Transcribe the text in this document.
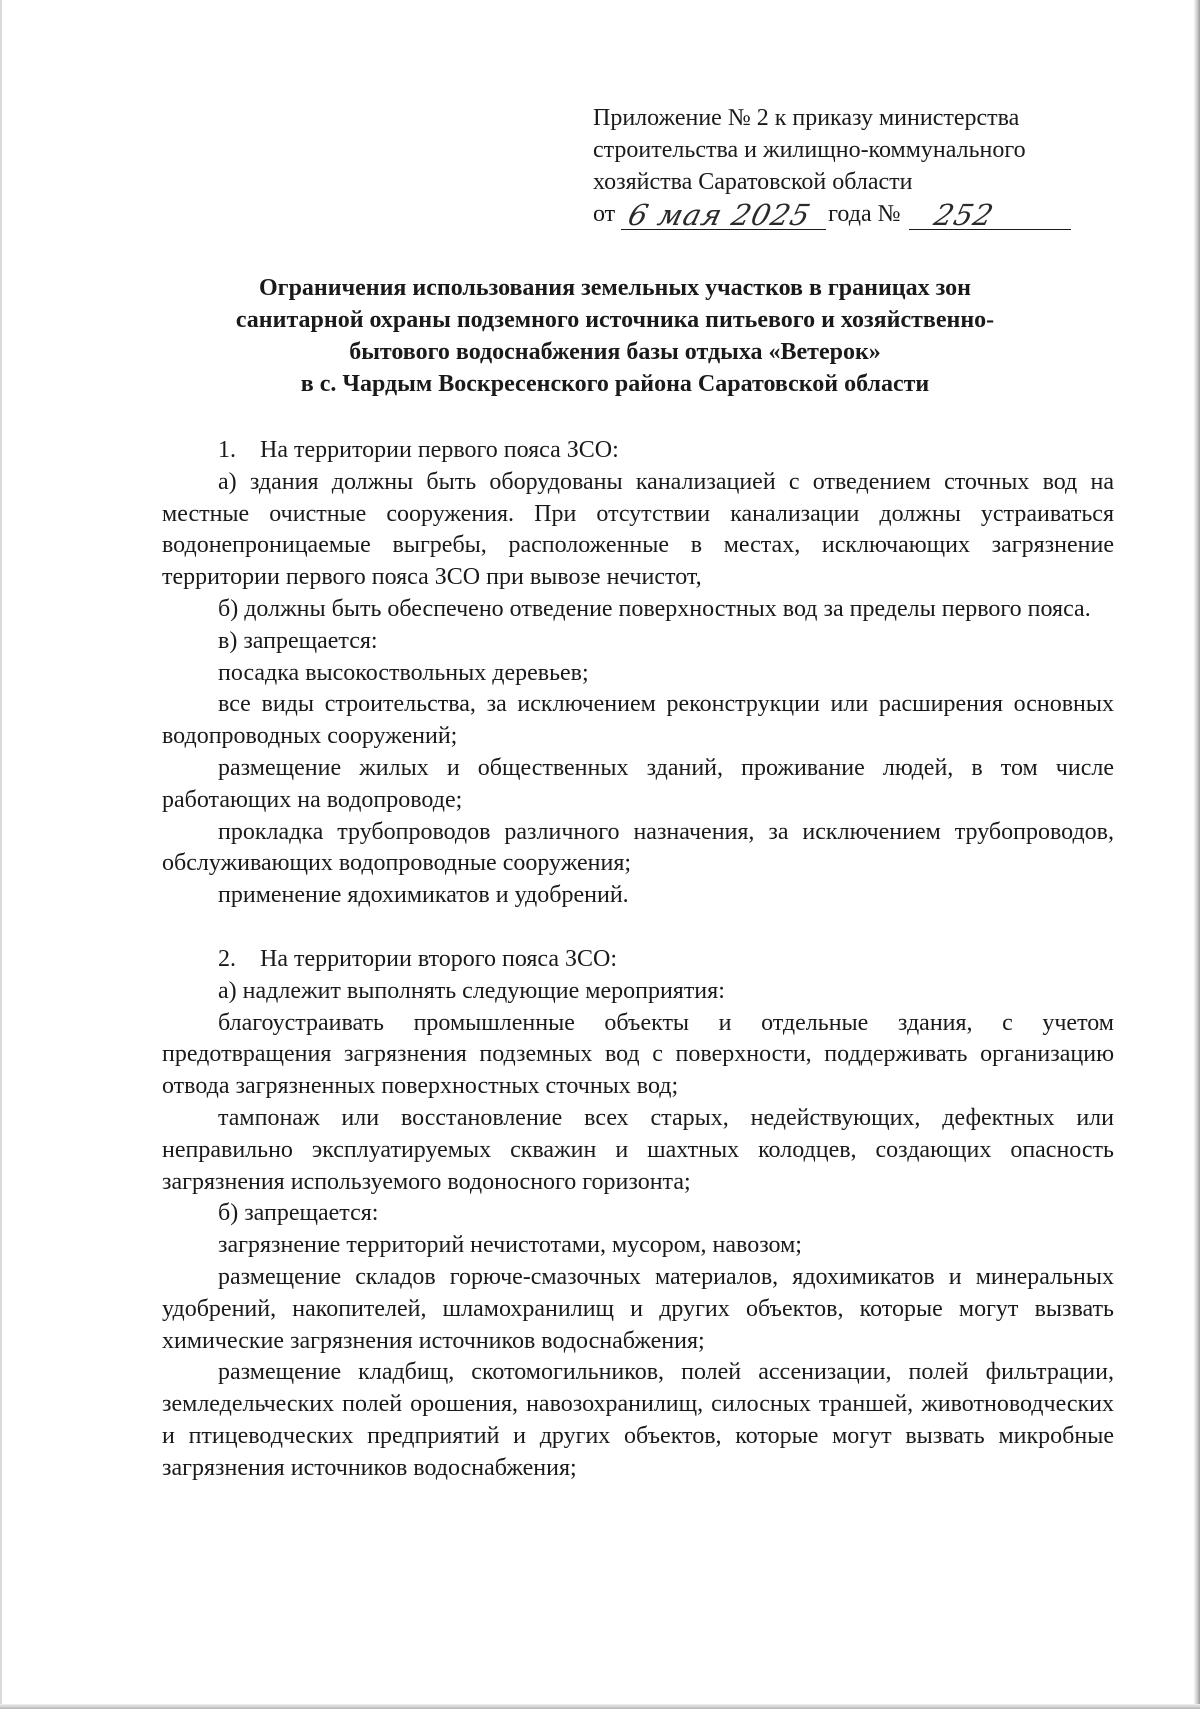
Приложение № 2 к приказу министерства
строительства и жилищно-коммунального
хозяйства Саратовской области
от 6 мая 2025 года № 252
Ограничения использования земельных участков в границах зон
санитарной охраны подземного источника питьевого и хозяйственно-
бытового водоснабжения базы отдыха «Ветерок»
в с. Чардым Воскресенского района Саратовской области

1. На территории первого пояса ЗСО:

а) здания должны быть оборудованы канализацией с отведением сточных вод на местные очистные сооружения. При отсутствии канализации должны устраиваться водонепроницаемые выгребы, расположенные в местах, исключающих загрязнение территории первого пояса ЗСО при вывозе нечистот,

б) должны быть обеспечено отведение поверхностных вод за пределы первого пояса.

в) запрещается:

посадка высокоствольных деревьев;

все виды строительства, за исключением реконструкции или расширения основных водопроводных сооружений;

размещение жилых и общественных зданий, проживание людей, в том числе работающих на водопроводе;

прокладка трубопроводов различного назначения, за исключением трубопроводов, обслуживающих водопроводные сооружения;

применение ядохимикатов и удобрений.

2. На территории второго пояса ЗСО:

а) надлежит выполнять следующие мероприятия:

благоустраивать промышленные объекты и отдельные здания, с учетом предотвращения загрязнения подземных вод с поверхности, поддерживать организацию отвода загрязненных поверхностных сточных вод;

тампонаж или восстановление всех старых, недействующих, дефектных или неправильно эксплуатируемых скважин и шахтных колодцев, создающих опасность загрязнения используемого водоносного горизонта;

б) запрещается:

загрязнение территорий нечистотами, мусором, навозом;

размещение складов горюче-смазочных материалов, ядохимикатов и минеральных удобрений, накопителей, шламохранилищ и других объектов, которые могут вызвать химические загрязнения источников водоснабжения;

размещение кладбищ, скотомогильников, полей ассенизации, полей фильтрации, земледельческих полей орошения, навозохранилищ, силосных траншей, животноводческих и птицеводческих предприятий и других объектов, которые могут вызвать микробные загрязнения источников водоснабжения;
